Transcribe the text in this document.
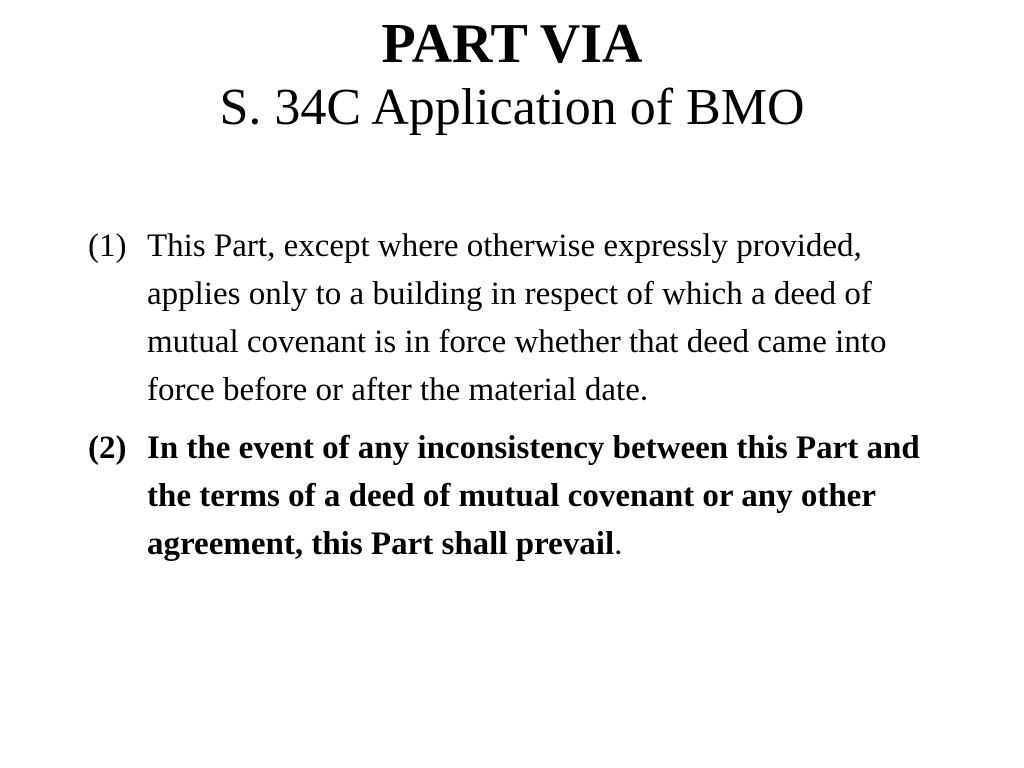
PART VIA
S. 34C Application of BMO
(1) This Part, except where otherwise expressly provided, applies only to a building in respect of which a deed of mutual covenant is in force whether that deed came into force before or after the material date.
(2) In the event of any inconsistency between this Part and the terms of a deed of mutual covenant or any other agreement, this Part shall prevail.
